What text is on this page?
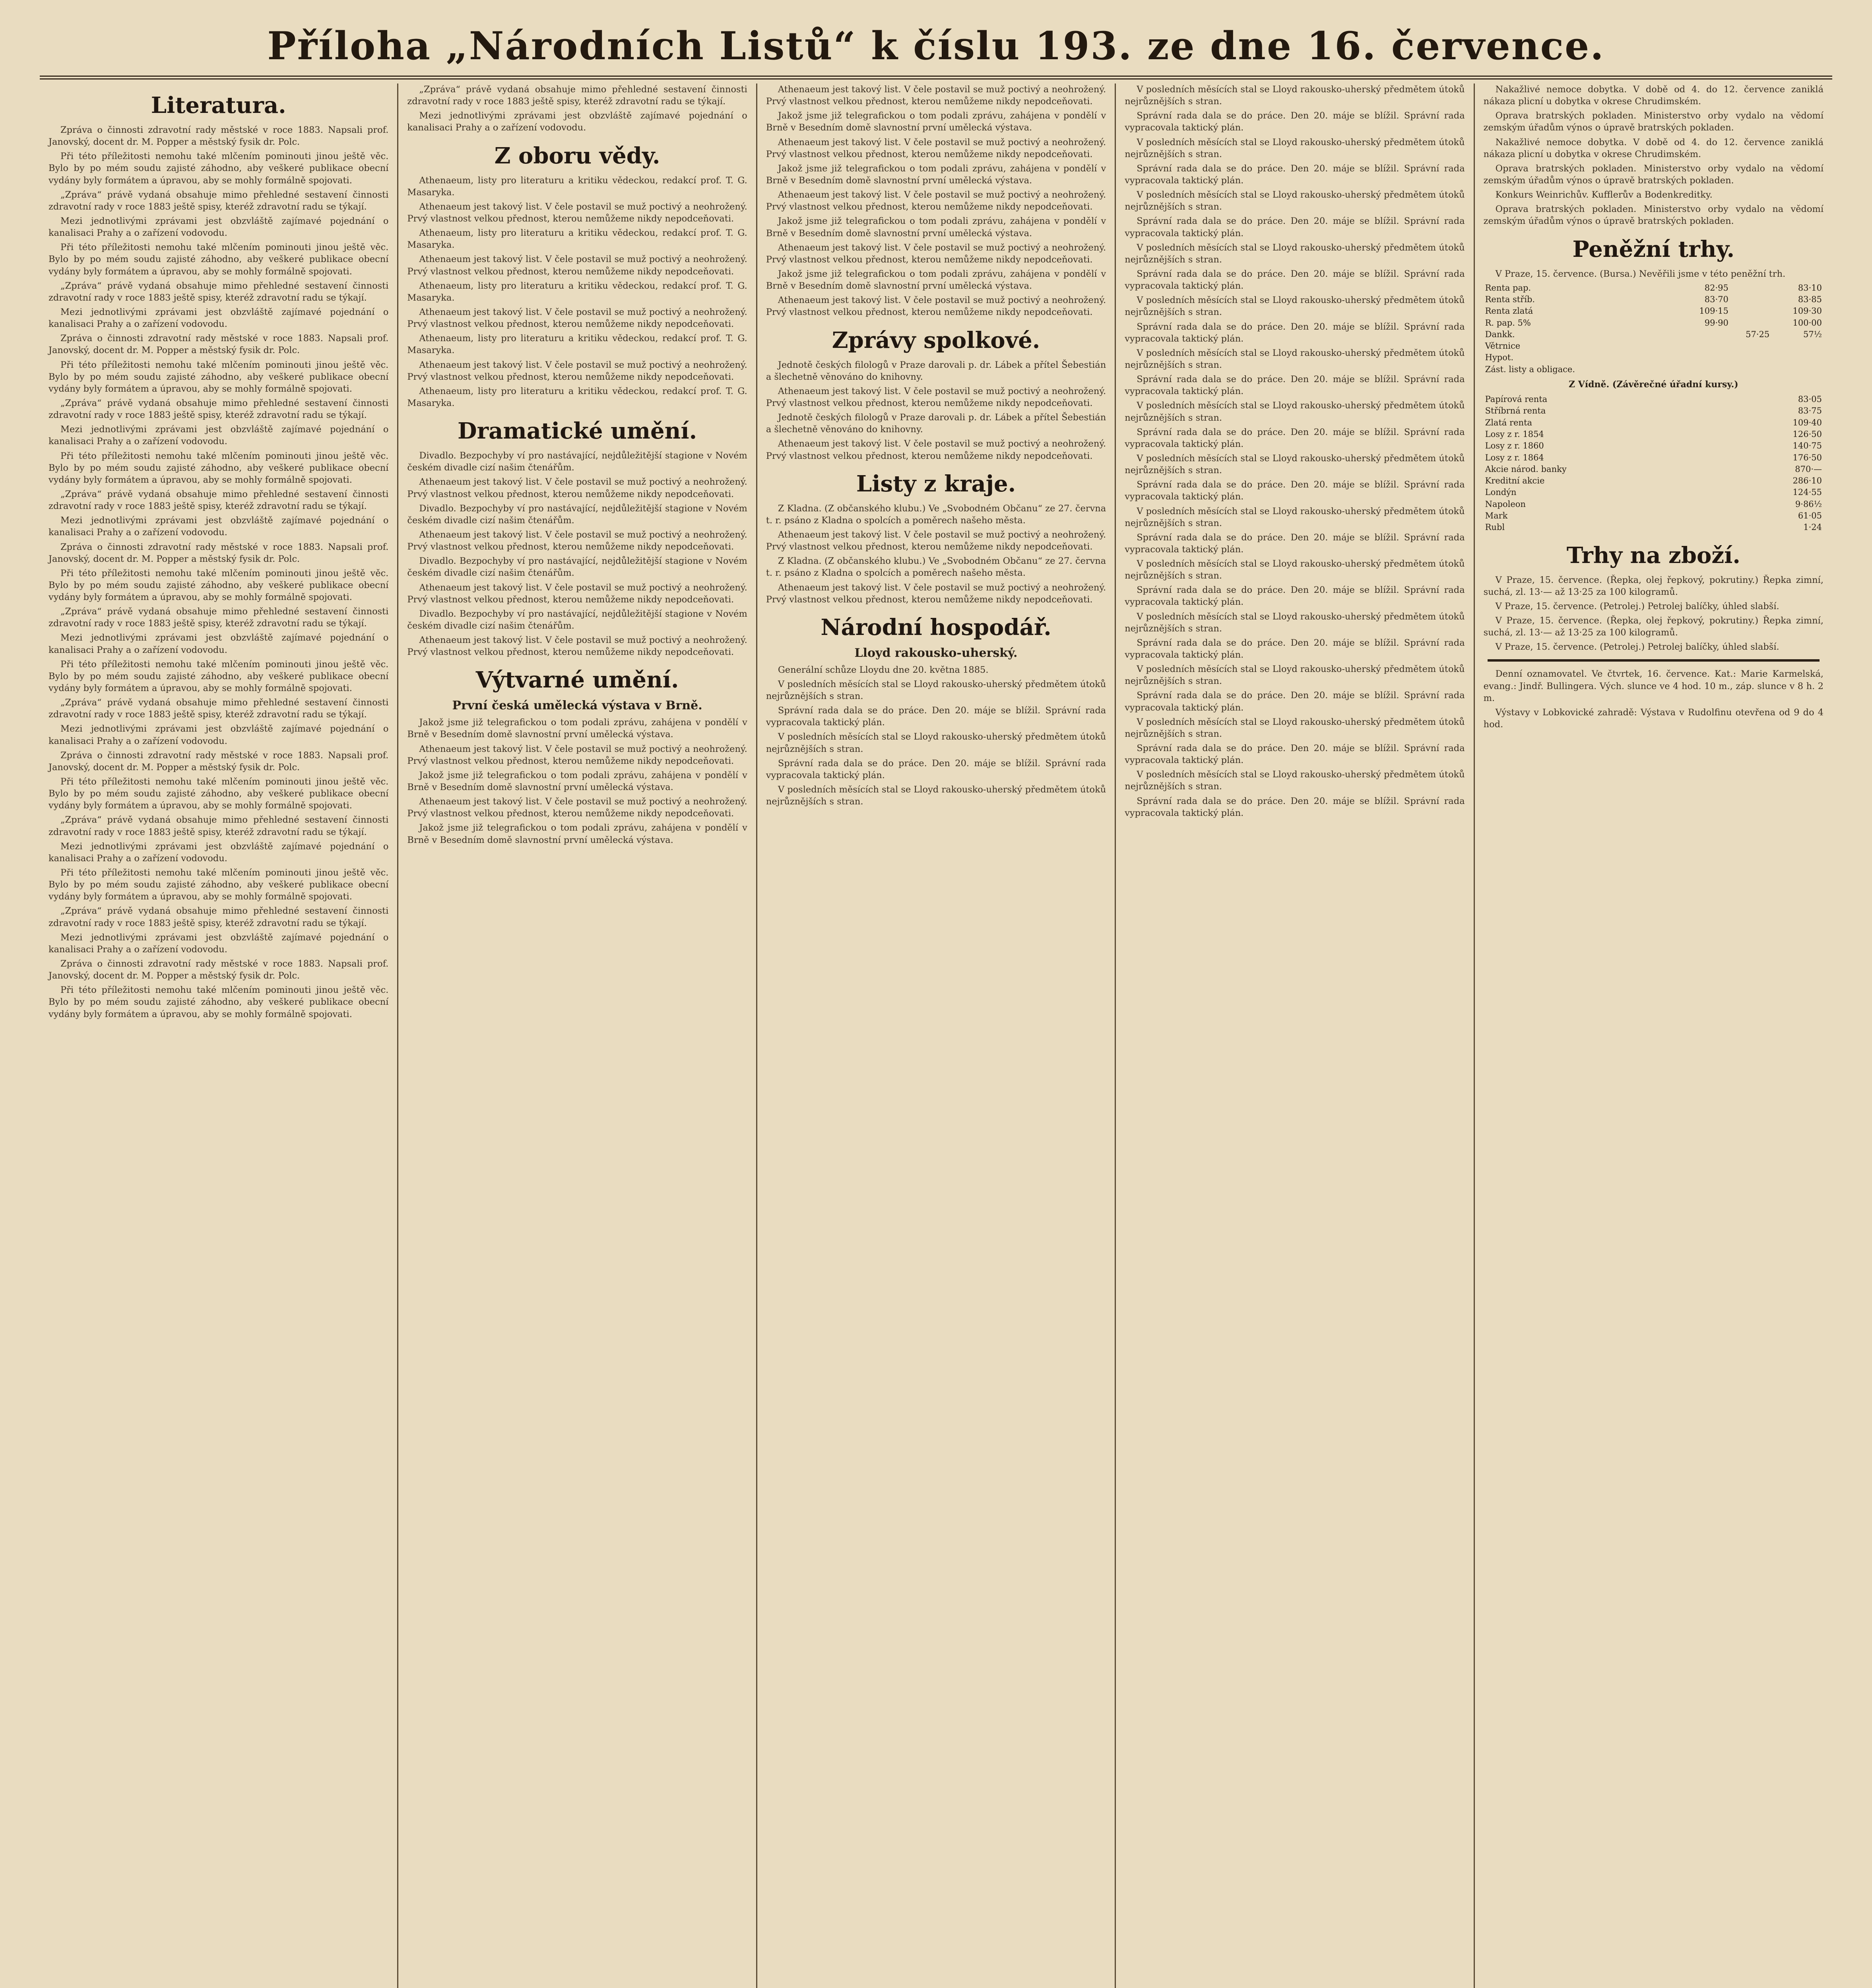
Příloha „Národních Listů“ k číslu 193. ze dne 16. července.
Literatura.

Zpráva o činnosti zdravotní rady městské v roce 1883. Napsali prof. Janovský, docent dr. M. Popper a městský fysik dr. Polc.

Při této příležitosti nemohu také mlčením pominouti jinou ještě věc. Bylo by po mém soudu zajisté záhodno, aby veškeré publikace obecní vydány byly formátem a úpravou, aby se mohly formálně spojovati.

„Zpráva“ právě vydaná obsahuje mimo přehledné sestavení činnosti zdravotní rady v roce 1883 ještě spisy, kteréž zdravotní radu se týkají.

Mezi jednotlivými zprávami jest obzvláště zajímavé pojednání o kanalisaci Prahy a o zařízení vodovodu.

Při této příležitosti nemohu také mlčením pominouti jinou ještě věc. Bylo by po mém soudu zajisté záhodno, aby veškeré publikace obecní vydány byly formátem a úpravou, aby se mohly formálně spojovati.

„Zpráva“ právě vydaná obsahuje mimo přehledné sestavení činnosti zdravotní rady v roce 1883 ještě spisy, kteréž zdravotní radu se týkají.

Mezi jednotlivými zprávami jest obzvláště zajímavé pojednání o kanalisaci Prahy a o zařízení vodovodu.

Zpráva o činnosti zdravotní rady městské v roce 1883. Napsali prof. Janovský, docent dr. M. Popper a městský fysik dr. Polc.

Při této příležitosti nemohu také mlčením pominouti jinou ještě věc. Bylo by po mém soudu zajisté záhodno, aby veškeré publikace obecní vydány byly formátem a úpravou, aby se mohly formálně spojovati.

„Zpráva“ právě vydaná obsahuje mimo přehledné sestavení činnosti zdravotní rady v roce 1883 ještě spisy, kteréž zdravotní radu se týkají.

Mezi jednotlivými zprávami jest obzvláště zajímavé pojednání o kanalisaci Prahy a o zařízení vodovodu.

Při této příležitosti nemohu také mlčením pominouti jinou ještě věc. Bylo by po mém soudu zajisté záhodno, aby veškeré publikace obecní vydány byly formátem a úpravou, aby se mohly formálně spojovati.

„Zpráva“ právě vydaná obsahuje mimo přehledné sestavení činnosti zdravotní rady v roce 1883 ještě spisy, kteréž zdravotní radu se týkají.

Mezi jednotlivými zprávami jest obzvláště zajímavé pojednání o kanalisaci Prahy a o zařízení vodovodu.

Zpráva o činnosti zdravotní rady městské v roce 1883. Napsali prof. Janovský, docent dr. M. Popper a městský fysik dr. Polc.

Při této příležitosti nemohu také mlčením pominouti jinou ještě věc. Bylo by po mém soudu zajisté záhodno, aby veškeré publikace obecní vydány byly formátem a úpravou, aby se mohly formálně spojovati.

„Zpráva“ právě vydaná obsahuje mimo přehledné sestavení činnosti zdravotní rady v roce 1883 ještě spisy, kteréž zdravotní radu se týkají.

Mezi jednotlivými zprávami jest obzvláště zajímavé pojednání o kanalisaci Prahy a o zařízení vodovodu.

Při této příležitosti nemohu také mlčením pominouti jinou ještě věc. Bylo by po mém soudu zajisté záhodno, aby veškeré publikace obecní vydány byly formátem a úpravou, aby se mohly formálně spojovati.

„Zpráva“ právě vydaná obsahuje mimo přehledné sestavení činnosti zdravotní rady v roce 1883 ještě spisy, kteréž zdravotní radu se týkají.

Mezi jednotlivými zprávami jest obzvláště zajímavé pojednání o kanalisaci Prahy a o zařízení vodovodu.

Zpráva o činnosti zdravotní rady městské v roce 1883. Napsali prof. Janovský, docent dr. M. Popper a městský fysik dr. Polc.

Při této příležitosti nemohu také mlčením pominouti jinou ještě věc. Bylo by po mém soudu zajisté záhodno, aby veškeré publikace obecní vydány byly formátem a úpravou, aby se mohly formálně spojovati.

„Zpráva“ právě vydaná obsahuje mimo přehledné sestavení činnosti zdravotní rady v roce 1883 ještě spisy, kteréž zdravotní radu se týkají.

Mezi jednotlivými zprávami jest obzvláště zajímavé pojednání o kanalisaci Prahy a o zařízení vodovodu.

Při této příležitosti nemohu také mlčením pominouti jinou ještě věc. Bylo by po mém soudu zajisté záhodno, aby veškeré publikace obecní vydány byly formátem a úpravou, aby se mohly formálně spojovati.

„Zpráva“ právě vydaná obsahuje mimo přehledné sestavení činnosti zdravotní rady v roce 1883 ještě spisy, kteréž zdravotní radu se týkají.

Mezi jednotlivými zprávami jest obzvláště zajímavé pojednání o kanalisaci Prahy a o zařízení vodovodu.

Zpráva o činnosti zdravotní rady městské v roce 1883. Napsali prof. Janovský, docent dr. M. Popper a městský fysik dr. Polc.

Při této příležitosti nemohu také mlčením pominouti jinou ještě věc. Bylo by po mém soudu zajisté záhodno, aby veškeré publikace obecní vydány byly formátem a úpravou, aby se mohly formálně spojovati.

„Zpráva“ právě vydaná obsahuje mimo přehledné sestavení činnosti zdravotní rady v roce 1883 ještě spisy, kteréž zdravotní radu se týkají.

Mezi jednotlivými zprávami jest obzvláště zajímavé pojednání o kanalisaci Prahy a o zařízení vodovodu.

Z oboru vědy.

Athenaeum, listy pro literaturu a kritiku vědeckou, redakcí prof. T. G. Masaryka.

Athenaeum jest takový list. V čele postavil se muž poctivý a neohrožený. Prvý vlastnost velkou přednost, kterou nemůžeme nikdy nepodceňovati.

Athenaeum, listy pro literaturu a kritiku vědeckou, redakcí prof. T. G. Masaryka.

Athenaeum jest takový list. V čele postavil se muž poctivý a neohrožený. Prvý vlastnost velkou přednost, kterou nemůžeme nikdy nepodceňovati.

Athenaeum, listy pro literaturu a kritiku vědeckou, redakcí prof. T. G. Masaryka.

Athenaeum jest takový list. V čele postavil se muž poctivý a neohrožený. Prvý vlastnost velkou přednost, kterou nemůžeme nikdy nepodceňovati.

Athenaeum, listy pro literaturu a kritiku vědeckou, redakcí prof. T. G. Masaryka.

Athenaeum jest takový list. V čele postavil se muž poctivý a neohrožený. Prvý vlastnost velkou přednost, kterou nemůžeme nikdy nepodceňovati.

Athenaeum, listy pro literaturu a kritiku vědeckou, redakcí prof. T. G. Masaryka.

Dramatické umění.

Divadlo. Bezpochyby ví pro nastávající, nejdůležitější stagione v Novém českém divadle cizí našim čtenářům.

Athenaeum jest takový list. V čele postavil se muž poctivý a neohrožený. Prvý vlastnost velkou přednost, kterou nemůžeme nikdy nepodceňovati.

Divadlo. Bezpochyby ví pro nastávající, nejdůležitější stagione v Novém českém divadle cizí našim čtenářům.

Athenaeum jest takový list. V čele postavil se muž poctivý a neohrožený. Prvý vlastnost velkou přednost, kterou nemůžeme nikdy nepodceňovati.

Divadlo. Bezpochyby ví pro nastávající, nejdůležitější stagione v Novém českém divadle cizí našim čtenářům.

Athenaeum jest takový list. V čele postavil se muž poctivý a neohrožený. Prvý vlastnost velkou přednost, kterou nemůžeme nikdy nepodceňovati.

Divadlo. Bezpochyby ví pro nastávající, nejdůležitější stagione v Novém českém divadle cizí našim čtenářům.

Athenaeum jest takový list. V čele postavil se muž poctivý a neohrožený. Prvý vlastnost velkou přednost, kterou nemůžeme nikdy nepodceňovati.

Výtvarné umění.
První česká umělecká výstava v Brně.

Jakož jsme již telegrafickou o tom podali zprávu, zahájena v pondělí v Brně v Besedním domě slavnostní první umělecká výstava.

Athenaeum jest takový list. V čele postavil se muž poctivý a neohrožený. Prvý vlastnost velkou přednost, kterou nemůžeme nikdy nepodceňovati.

Jakož jsme již telegrafickou o tom podali zprávu, zahájena v pondělí v Brně v Besedním domě slavnostní první umělecká výstava.

Athenaeum jest takový list. V čele postavil se muž poctivý a neohrožený. Prvý vlastnost velkou přednost, kterou nemůžeme nikdy nepodceňovati.

Jakož jsme již telegrafickou o tom podali zprávu, zahájena v pondělí v Brně v Besedním domě slavnostní první umělecká výstava.

Athenaeum jest takový list. V čele postavil se muž poctivý a neohrožený. Prvý vlastnost velkou přednost, kterou nemůžeme nikdy nepodceňovati.

Jakož jsme již telegrafickou o tom podali zprávu, zahájena v pondělí v Brně v Besedním domě slavnostní první umělecká výstava.

Athenaeum jest takový list. V čele postavil se muž poctivý a neohrožený. Prvý vlastnost velkou přednost, kterou nemůžeme nikdy nepodceňovati.

Jakož jsme již telegrafickou o tom podali zprávu, zahájena v pondělí v Brně v Besedním domě slavnostní první umělecká výstava.

Athenaeum jest takový list. V čele postavil se muž poctivý a neohrožený. Prvý vlastnost velkou přednost, kterou nemůžeme nikdy nepodceňovati.

Jakož jsme již telegrafickou o tom podali zprávu, zahájena v pondělí v Brně v Besedním domě slavnostní první umělecká výstava.

Athenaeum jest takový list. V čele postavil se muž poctivý a neohrožený. Prvý vlastnost velkou přednost, kterou nemůžeme nikdy nepodceňovati.

Jakož jsme již telegrafickou o tom podali zprávu, zahájena v pondělí v Brně v Besedním domě slavnostní první umělecká výstava.

Athenaeum jest takový list. V čele postavil se muž poctivý a neohrožený. Prvý vlastnost velkou přednost, kterou nemůžeme nikdy nepodceňovati.

Zprávy spolkové.

Jednotě českých filologů v Praze darovali p. dr. Lábek a přítel Šebestián a šlechetně věnováno do knihovny.

Athenaeum jest takový list. V čele postavil se muž poctivý a neohrožený. Prvý vlastnost velkou přednost, kterou nemůžeme nikdy nepodceňovati.

Jednotě českých filologů v Praze darovali p. dr. Lábek a přítel Šebestián a šlechetně věnováno do knihovny.

Athenaeum jest takový list. V čele postavil se muž poctivý a neohrožený. Prvý vlastnost velkou přednost, kterou nemůžeme nikdy nepodceňovati.

Listy z kraje.

Z Kladna. (Z občanského klubu.) Ve „Svobodném Občanu“ ze 27. června t. r. psáno z Kladna o spolcích a poměrech našeho města.

Athenaeum jest takový list. V čele postavil se muž poctivý a neohrožený. Prvý vlastnost velkou přednost, kterou nemůžeme nikdy nepodceňovati.

Z Kladna. (Z občanského klubu.) Ve „Svobodném Občanu“ ze 27. června t. r. psáno z Kladna o spolcích a poměrech našeho města.

Athenaeum jest takový list. V čele postavil se muž poctivý a neohrožený. Prvý vlastnost velkou přednost, kterou nemůžeme nikdy nepodceňovati.

Národní hospodář.
Lloyd rakousko-uherský.

Generální schůze Lloydu dne 20. května 1885.

V posledních měsících stal se Lloyd rakousko-uherský předmětem útoků nejrůznějších s stran.

Správní rada dala se do práce. Den 20. máje se blížil. Správní rada vypracovala taktický plán.

V posledních měsících stal se Lloyd rakousko-uherský předmětem útoků nejrůznějších s stran.

Správní rada dala se do práce. Den 20. máje se blížil. Správní rada vypracovala taktický plán.

V posledních měsících stal se Lloyd rakousko-uherský předmětem útoků nejrůznějších s stran.

V posledních měsících stal se Lloyd rakousko-uherský předmětem útoků nejrůznějších s stran.

Správní rada dala se do práce. Den 20. máje se blížil. Správní rada vypracovala taktický plán.

V posledních měsících stal se Lloyd rakousko-uherský předmětem útoků nejrůznějších s stran.

Správní rada dala se do práce. Den 20. máje se blížil. Správní rada vypracovala taktický plán.

V posledních měsících stal se Lloyd rakousko-uherský předmětem útoků nejrůznějších s stran.

Správní rada dala se do práce. Den 20. máje se blížil. Správní rada vypracovala taktický plán.

V posledních měsících stal se Lloyd rakousko-uherský předmětem útoků nejrůznějších s stran.

Správní rada dala se do práce. Den 20. máje se blížil. Správní rada vypracovala taktický plán.

V posledních měsících stal se Lloyd rakousko-uherský předmětem útoků nejrůznějších s stran.

Správní rada dala se do práce. Den 20. máje se blížil. Správní rada vypracovala taktický plán.

V posledních měsících stal se Lloyd rakousko-uherský předmětem útoků nejrůznějších s stran.

Správní rada dala se do práce. Den 20. máje se blížil. Správní rada vypracovala taktický plán.

V posledních měsících stal se Lloyd rakousko-uherský předmětem útoků nejrůznějších s stran.

Správní rada dala se do práce. Den 20. máje se blížil. Správní rada vypracovala taktický plán.

V posledních měsících stal se Lloyd rakousko-uherský předmětem útoků nejrůznějších s stran.

Správní rada dala se do práce. Den 20. máje se blížil. Správní rada vypracovala taktický plán.

V posledních měsících stal se Lloyd rakousko-uherský předmětem útoků nejrůznějších s stran.

Správní rada dala se do práce. Den 20. máje se blížil. Správní rada vypracovala taktický plán.

V posledních měsících stal se Lloyd rakousko-uherský předmětem útoků nejrůznějších s stran.

Správní rada dala se do práce. Den 20. máje se blížil. Správní rada vypracovala taktický plán.

V posledních měsících stal se Lloyd rakousko-uherský předmětem útoků nejrůznějších s stran.

Správní rada dala se do práce. Den 20. máje se blížil. Správní rada vypracovala taktický plán.

V posledních měsících stal se Lloyd rakousko-uherský předmětem útoků nejrůznějších s stran.

Správní rada dala se do práce. Den 20. máje se blížil. Správní rada vypracovala taktický plán.

V posledních měsících stal se Lloyd rakousko-uherský předmětem útoků nejrůznějších s stran.

Správní rada dala se do práce. Den 20. máje se blížil. Správní rada vypracovala taktický plán.

V posledních měsících stal se Lloyd rakousko-uherský předmětem útoků nejrůznějších s stran.

Správní rada dala se do práce. Den 20. máje se blížil. Správní rada vypracovala taktický plán.

Nakažlivé nemoce dobytka. V době od 4. do 12. července zaniklá nákaza plicní u dobytka v okrese Chrudimském.

Oprava bratrských pokladen. Ministerstvo orby vydalo na vědomí zemským úřadům výnos o úpravě bratrských pokladen.

Nakažlivé nemoce dobytka. V době od 4. do 12. července zaniklá nákaza plicní u dobytka v okrese Chrudimském.

Oprava bratrských pokladen. Ministerstvo orby vydalo na vědomí zemským úřadům výnos o úpravě bratrských pokladen.

Konkurs Weinrichův. Kufflerův a Bodenkreditky.

Oprava bratrských pokladen. Ministerstvo orby vydalo na vědomí zemským úřadům výnos o úpravě bratrských pokladen.

Peněžní trhy.

V Praze, 15. července. (Bursa.) Nevěřili jsme v této peněžní trh.

Renta pap.	82·95	83·10
Renta stříb.	83·70	83·85
Renta zlatá	109·15	109·30
R. pap. 5%	99·90	100·00
Dankk.	57·25	57½
Větrnice		
Hypot.		
Zást. listy a obligace.		
Z Vídně. (Závěrečné úřadní kursy.)
Papírová renta	83·05
Stříbrná renta	83·75
Zlatá renta	109·40
Losy z r. 1854	126·50
Losy z r. 1860	140·75
Losy z r. 1864	176·50
Akcie národ. banky	870·—
Kreditní akcie	286·10
Londýn	124·55
Napoleon	9·86½
Mark	61·05
Rubl	1·24
Trhy na zboží.

V Praze, 15. července. (Řepka, olej řepkový, pokrutiny.) Řepka zimní, suchá, zl. 13·— až 13·25 za 100 kilogramů.

V Praze, 15. července. (Petrolej.) Petrolej balíčky, úhled slabší.

V Praze, 15. července. (Řepka, olej řepkový, pokrutiny.) Řepka zimní, suchá, zl. 13·— až 13·25 za 100 kilogramů.

V Praze, 15. července. (Petrolej.) Petrolej balíčky, úhled slabší.

Denní oznamovatel. Ve čtvrtek, 16. července. Kat.: Marie Karmelská, evang.: Jindř. Bullingera. Vých. slunce ve 4 hod. 10 m., záp. slunce v 8 h. 2 m.

Výstavy v Lobkovické zahradě: Výstava v Rudolfinu otevřena od 9 do 4 hod.
